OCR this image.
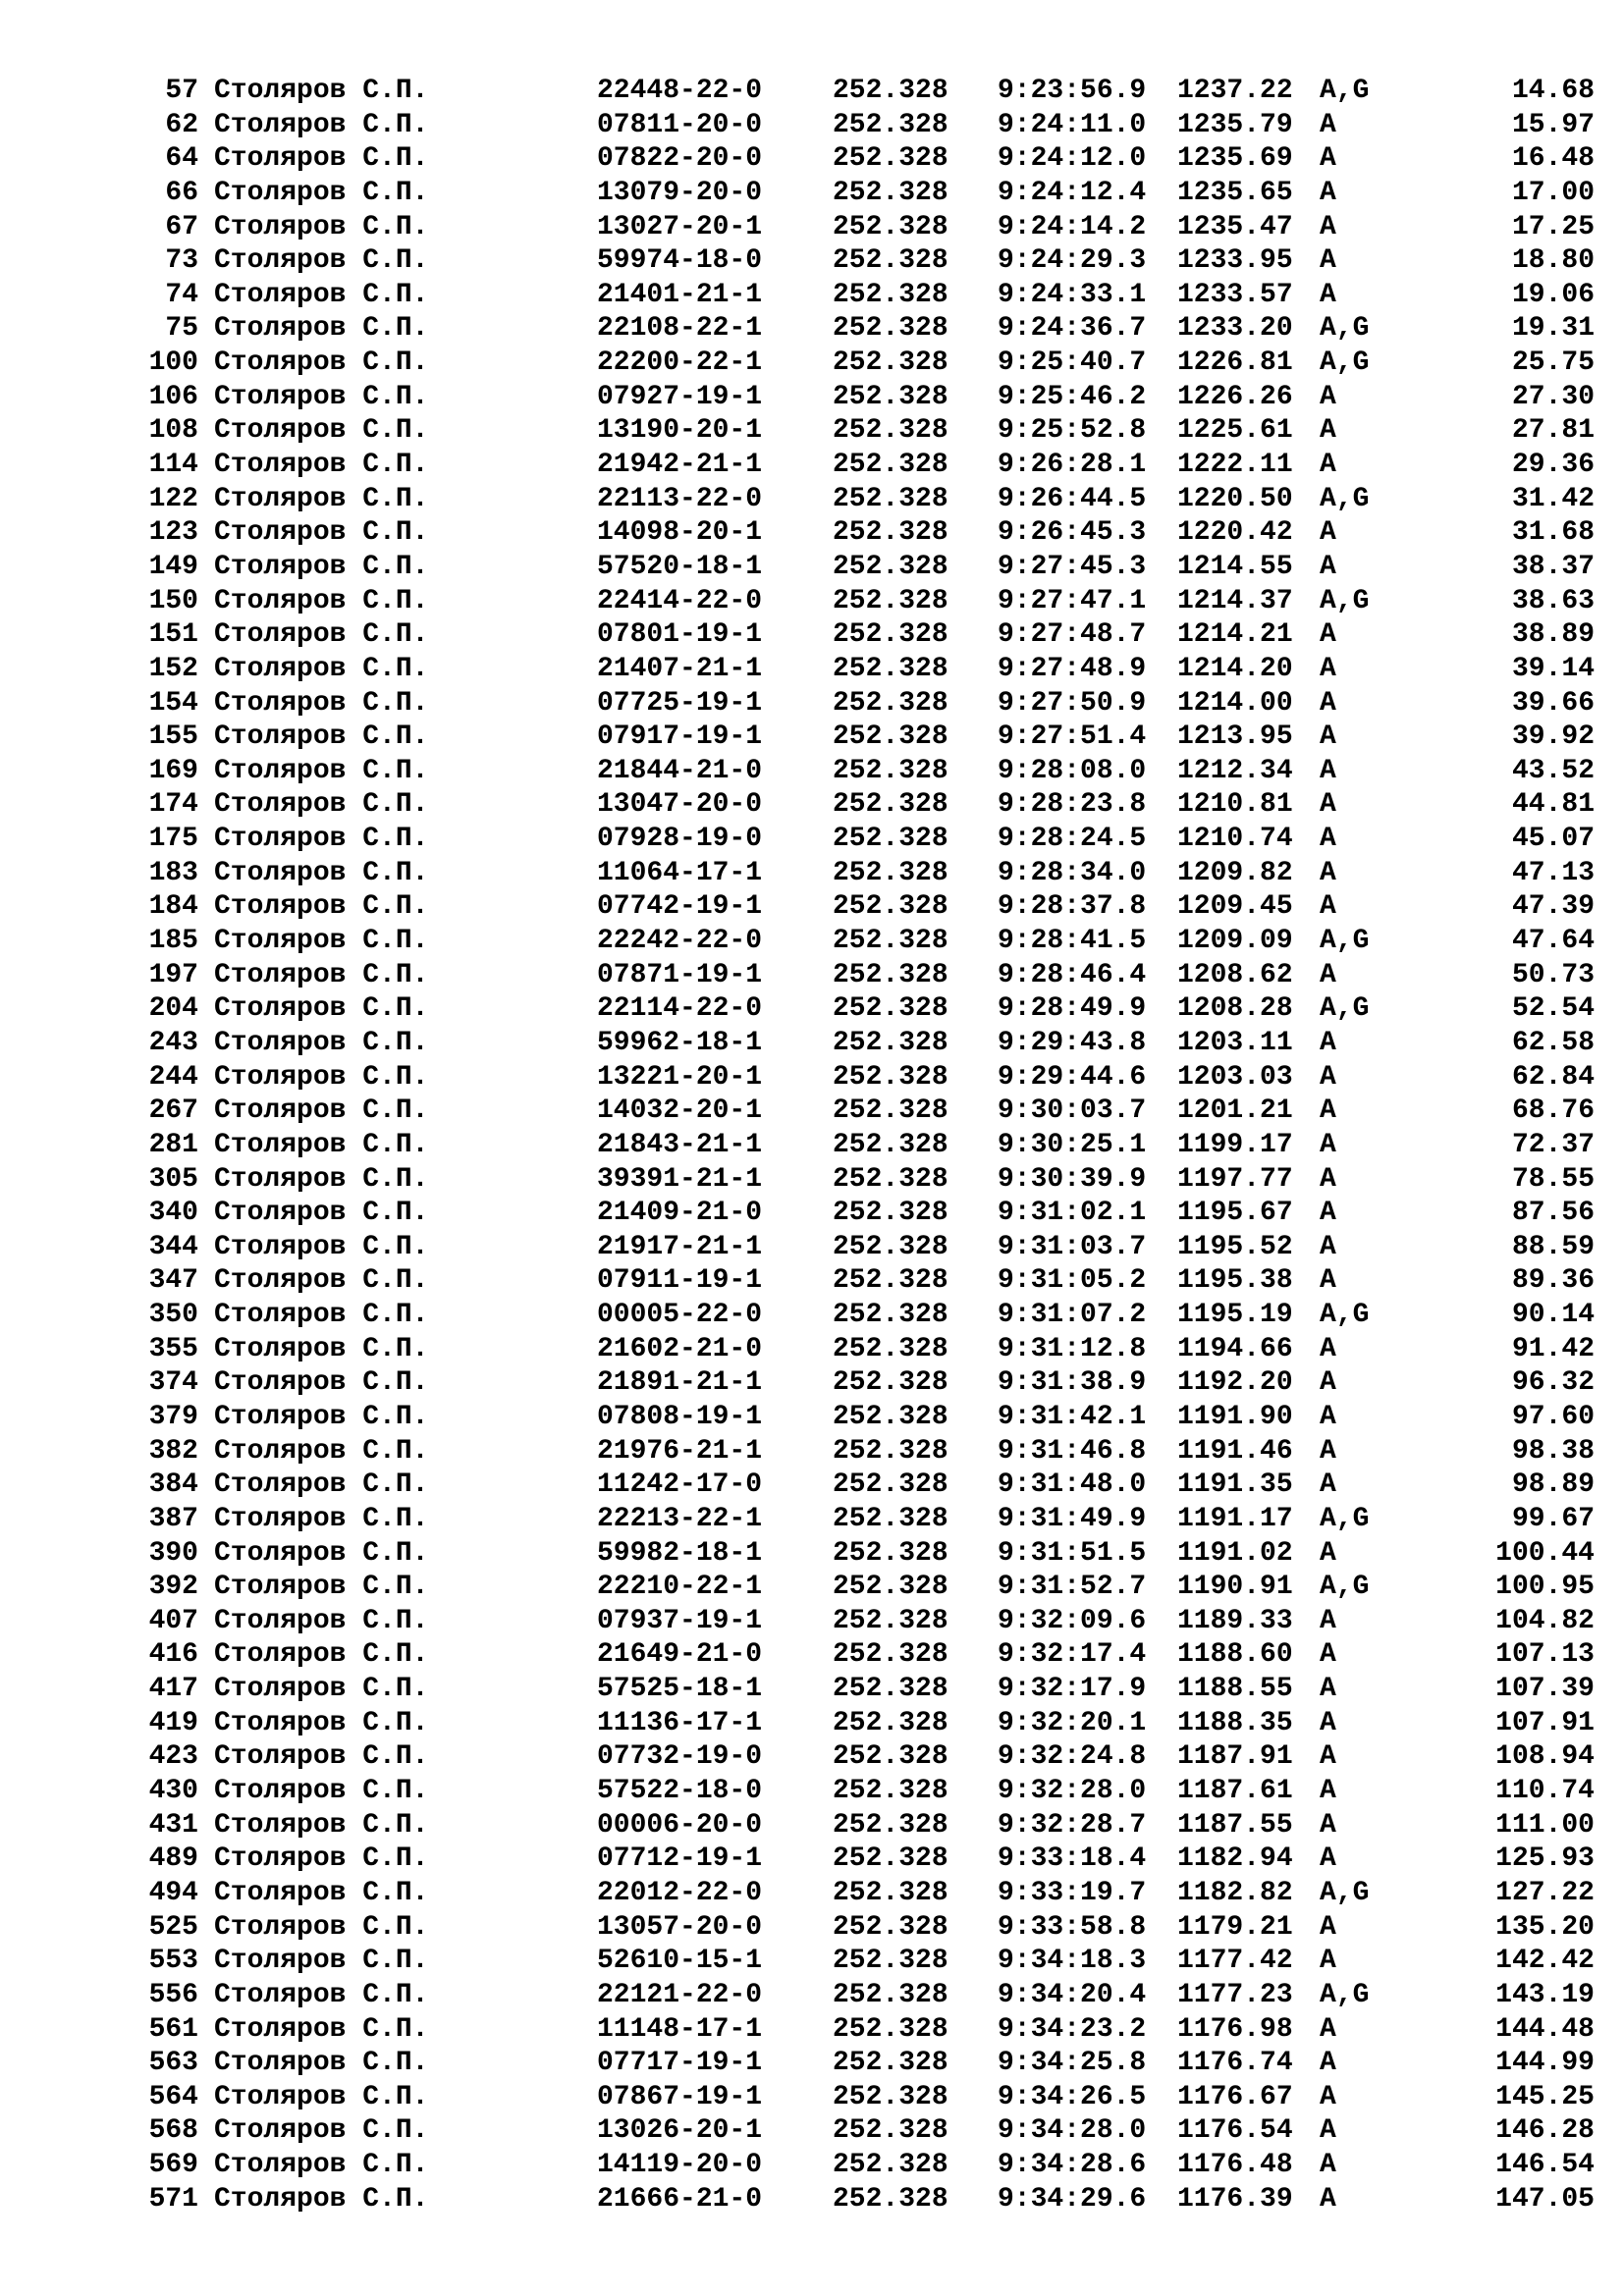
57 Столяров С.П.	22448-22-0	252.328 9:23:56.9 1237.22 A,G	14.68
62 Столяров С.П.	07811-20-0	252.328 9:24:11.0 1235.79 A	15.97
64 Столяров С.П.	07822-20-0	252.328 9:24:12.0 1235.69 A	16.48
66 Столяров С.П.	13079-20-0	252.328 9:24:12.4 1235.65 A	17.00
67 Столяров С.П.	13027-20-1	252.328 9:24:14.2 1235.47 A	17.25
73 Столяров С.П.	59974-18-0	252.328 9:24:29.3 1233.95 A	18.80
74 Столяров С.П.	21401-21-1	252.328 9:24:33.1 1233.57 A	19.06
75 Столяров С.П.	22108-22-1	252.328 9:24:36.7 1233.20 A,G	19.31
100 Столяров С.П.	22200-22-1	252.328 9:25:40.7 1226.81 A,G	25.75
106 Столяров С.П.	07927-19-1	252.328 9:25:46.2 1226.26 A	27.30
108 Столяров С.П.	13190-20-1	252.328 9:25:52.8 1225.61 A	27.81
114 Столяров С.П.	21942-21-1	252.328 9:26:28.1 1222.11 A	29.36
122 Столяров С.П.	22113-22-0	252.328 9:26:44.5 1220.50 A,G	31.42
123 Столяров С.П.	14098-20-1	252.328 9:26:45.3 1220.42 A	31.68
149 Столяров С.П.	57520-18-1	252.328 9:27:45.3 1214.55 A	38.37
150 Столяров С.П.	22414-22-0	252.328 9:27:47.1 1214.37 A,G	38.63
151 Столяров С.П.	07801-19-1	252.328 9:27:48.7 1214.21 A	38.89
152 Столяров С.П.	21407-21-1	252.328 9:27:48.9 1214.20 A	39.14
154 Столяров С.П.	07725-19-1	252.328 9:27:50.9 1214.00 A	39.66
155 Столяров С.П.	07917-19-1	252.328 9:27:51.4 1213.95 A	39.92
169 Столяров С.П.	21844-21-0	252.328 9:28:08.0 1212.34 A	43.52
174 Столяров С.П.	13047-20-0	252.328 9:28:23.8 1210.81 A	44.81
175 Столяров С.П.	07928-19-0	252.328 9:28:24.5 1210.74 A	45.07
183 Столяров С.П.	11064-17-1	252.328 9:28:34.0 1209.82 A	47.13
184 Столяров С.П.	07742-19-1	252.328 9:28:37.8 1209.45 A	47.39
185 Столяров С.П.	22242-22-0	252.328 9:28:41.5 1209.09 A,G	47.64
197 Столяров С.П.	07871-19-1	252.328 9:28:46.4 1208.62 A	50.73
204 Столяров С.П.	22114-22-0	252.328 9:28:49.9 1208.28 A,G	52.54
243 Столяров С.П.	59962-18-1	252.328 9:29:43.8 1203.11 A	62.58
244 Столяров С.П.	13221-20-1	252.328 9:29:44.6 1203.03 A	62.84
267 Столяров С.П.	14032-20-1	252.328 9:30:03.7 1201.21 A	68.76
281 Столяров С.П.	21843-21-1	252.328 9:30:25.1 1199.17 A	72.37
305 Столяров С.П.	39391-21-1	252.328 9:30:39.9 1197.77 A	78.55
340 Столяров С.П.	21409-21-0	252.328 9:31:02.1 1195.67 A	87.56
344 Столяров С.П.	21917-21-1	252.328 9:31:03.7 1195.52 A	88.59
347 Столяров С.П.	07911-19-1	252.328 9:31:05.2 1195.38 A	89.36
350 Столяров С.П.	00005-22-0	252.328 9:31:07.2 1195.19 A,G	90.14
355 Столяров С.П.	21602-21-0	252.328 9:31:12.8 1194.66 A	91.42
374 Столяров С.П.	21891-21-1	252.328 9:31:38.9 1192.20 A	96.32
379 Столяров С.П.	07808-19-1	252.328 9:31:42.1 1191.90 A	97.60
382 Столяров С.П.	21976-21-1	252.328 9:31:46.8 1191.46 A	98.38
384 Столяров С.П.	11242-17-0	252.328 9:31:48.0 1191.35 A	98.89
387 Столяров С.П.	22213-22-1	252.328 9:31:49.9 1191.17 A,G	99.67
390 Столяров С.П.	59982-18-1	252.328 9:31:51.5 1191.02 A	100.44
392 Столяров С.П.	22210-22-1	252.328 9:31:52.7 1190.91 A,G	100.95
407 Столяров С.П.	07937-19-1	252.328 9:32:09.6 1189.33 A	104.82
416 Столяров С.П.	21649-21-0	252.328 9:32:17.4 1188.60 A	107.13
417 Столяров С.П.	57525-18-1	252.328 9:32:17.9 1188.55 A	107.39
419 Столяров С.П.	11136-17-1	252.328 9:32:20.1 1188.35 A	107.91
423 Столяров С.П.	07732-19-0	252.328 9:32:24.8 1187.91 A	108.94
430 Столяров С.П.	57522-18-0	252.328 9:32:28.0 1187.61 A	110.74
431 Столяров С.П.	00006-20-0	252.328 9:32:28.7 1187.55 A	111.00
489 Столяров С.П.	07712-19-1	252.328 9:33:18.4 1182.94 A	125.93
494 Столяров С.П.	22012-22-0	252.328 9:33:19.7 1182.82 A,G	127.22
525 Столяров С.П.	13057-20-0	252.328 9:33:58.8 1179.21 A	135.20
553 Столяров С.П.	52610-15-1	252.328 9:34:18.3 1177.42 A	142.42
556 Столяров С.П.	22121-22-0	252.328 9:34:20.4 1177.23 A,G	143.19
561 Столяров С.П.	11148-17-1	252.328 9:34:23.2 1176.98 A	144.48
563 Столяров С.П.	07717-19-1	252.328 9:34:25.8 1176.74 A	144.99
564 Столяров С.П.	07867-19-1	252.328 9:34:26.5 1176.67 A	145.25
568 Столяров С.П.	13026-20-1	252.328 9:34:28.0 1176.54 A	146.28
569 Столяров С.П.	14119-20-0	252.328 9:34:28.6 1176.48 A	146.54
571 Столяров С.П.	21666-21-0	252.328 9:34:29.6 1176.39 A	147.05
